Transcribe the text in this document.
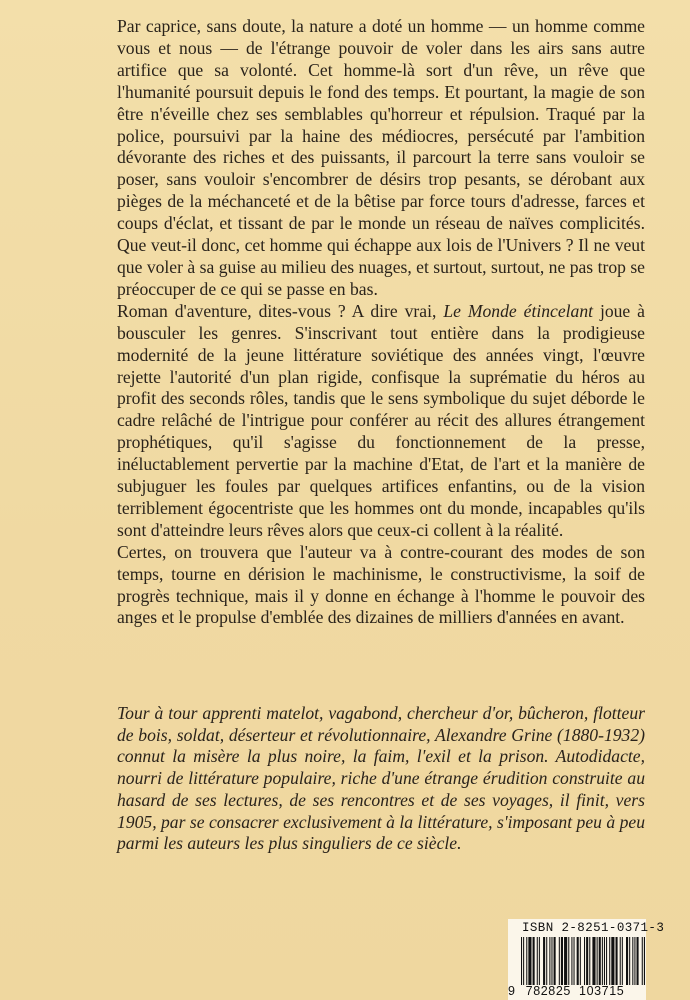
Par caprice, sans doute, la nature a doté un homme — un homme comme vous et nous — de l'étrange pouvoir de voler dans les airs sans autre artifice que sa volonté. Cet homme-là sort d'un rêve, un rêve que l'humanité poursuit depuis le fond des temps. Et pourtant, la magie de son être n'éveille chez ses semblables qu'horreur et répulsion. Traqué par la police, poursuivi par la haine des médiocres, persécuté par l'ambition dévorante des riches et des puissants, il parcourt la terre sans vouloir se poser, sans vouloir s'encombrer de désirs trop pesants, se dérobant aux pièges de la méchanceté et de la bêtise par force tours d'adresse, farces et coups d'éclat, et tissant de par le monde un réseau de naïves complicités. Que veut-il donc, cet homme qui échappe aux lois de l'Univers ? Il ne veut que voler à sa guise au milieu des nuages, et surtout, surtout, ne pas trop se préoccuper de ce qui se passe en bas.

Roman d'aventure, dites-vous ? A dire vrai, Le Monde étincelant joue à bousculer les genres. S'inscrivant tout entière dans la prodigieuse modernité de la jeune littérature soviétique des années vingt, l'œuvre rejette l'autorité d'un plan rigide, confisque la suprématie du héros au profit des seconds rôles, tandis que le sens symbolique du sujet déborde le cadre relâché de l'intrigue pour conférer au récit des allures étrangement prophétiques, qu'il s'agisse du fonctionnement de la presse, inéluctablement pervertie par la machine d'Etat, de l'art et la manière de subjuguer les foules par quelques artifices enfantins, ou de la vision terriblement égocentriste que les hommes ont du monde, incapables qu'ils sont d'atteindre leurs rêves alors que ceux-ci collent à la réalité.

Certes, on trouvera que l'auteur va à contre-courant des modes de son temps, tourne en dérision le machinisme, le constructivisme, la soif de progrès technique, mais il y donne en échange à l'homme le pouvoir des anges et le propulse d'emblée des dizaines de milliers d'années en avant.

Tour à tour apprenti matelot, vagabond, chercheur d'or, bûcheron, flotteur de bois, soldat, déserteur et révolutionnaire, Alexandre Grine (1880-1932) connut la misère la plus noire, la faim, l'exil et la prison. Autodidacte, nourri de littérature populaire, riche d'une étrange érudition construite au hasard de ses lectures, de ses rencontres et de ses voyages, il finit, vers 1905, par se consacrer exclusivement à la littérature, s'imposant peu à peu parmi les auteurs les plus singuliers de ce siècle.
ISBN 2-8251-0371-3
9 782825 103715
